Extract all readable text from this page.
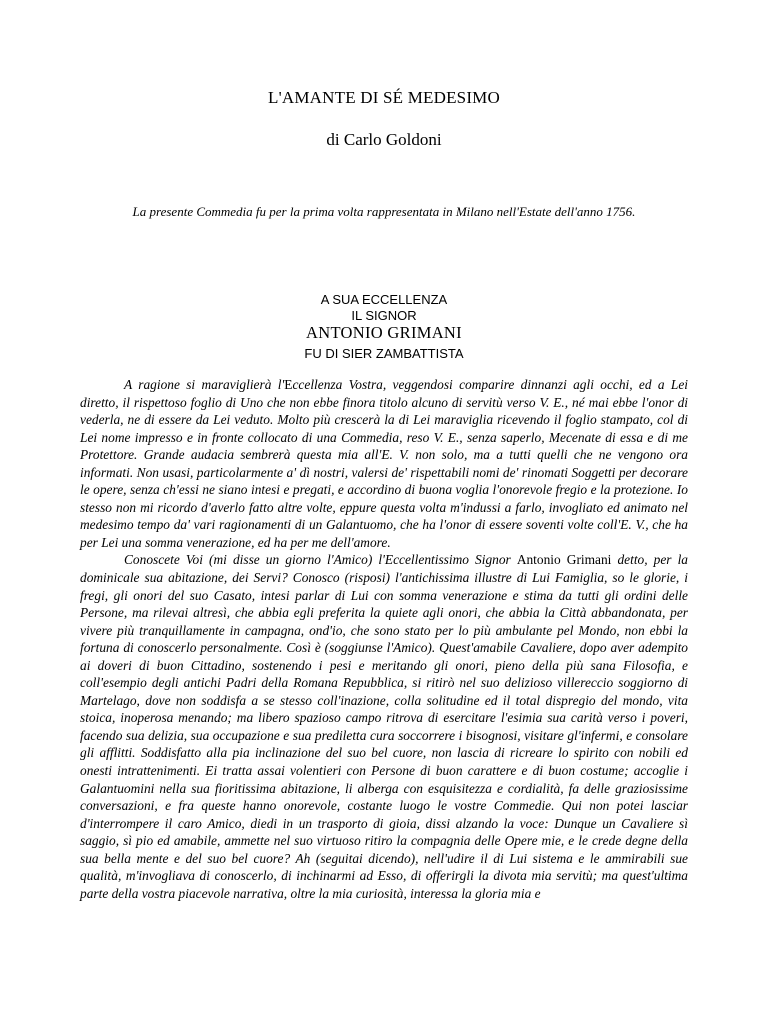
L'AMANTE DI SÉ MEDESIMO
di Carlo Goldoni
La presente Commedia fu per la prima volta rappresentata in Milano nell'Estate dell'anno 1756.
A SUA ECCELLENZA
IL SIGNOR
ANTONIO GRIMANI
FU DI SIER ZAMBATTISTA

A ragione si maraviglierà l'Eccellenza Vostra, veggendosi comparire dinnanzi agli occhi, ed a Lei diretto, il rispettoso foglio di Uno che non ebbe finora titolo alcuno di servitù verso V. E., né mai ebbe l'onor di vederla, ne di essere da Lei veduto. Molto più crescerà la di Lei maraviglia ricevendo il foglio stampato, col di Lei nome impresso e in fronte collocato di una Commedia, reso V. E., senza saperlo, Mecenate di essa e di me Protettore. Grande audacia sembrerà questa mia all'E. V. non solo, ma a tutti quelli che ne vengono ora informati. Non usasi, particolarmente a' dì nostri, valersi de' rispettabili nomi de' rinomati Soggetti per decorare le opere, senza ch'essi ne siano intesi e pregati, e accordino di buona voglia l'onorevole fregio e la protezione. Io stesso non mi ricordo d'averlo fatto altre volte, eppure questa volta m'indussi a farlo, invogliato ed animato nel medesimo tempo da' vari ragionamenti di un Galantuomo, che ha l'onor di essere soventi volte coll'E. V., che ha per Lei una somma venerazione, ed ha per me dell'amore.

Conoscete Voi (mi disse un giorno l'Amico) l'Eccellentissimo Signor Antonio Grimani detto, per la dominicale sua abitazione, dei Servi? Conosco (risposi) l'antichissima illustre di Lui Famiglia, so le glorie, i fregi, gli onori del suo Casato, intesi parlar di Lui con somma venerazione e stima da tutti gli ordini delle Persone, ma rilevai altresì, che abbia egli preferita la quiete agli onori, che abbia la Città abbandonata, per vivere più tranquillamente in campagna, ond'io, che sono stato per lo più ambulante pel Mondo, non ebbi la fortuna di conoscerlo personalmente. Così è (soggiunse l'Amico). Quest'amabile Cavaliere, dopo aver adempito ai doveri di buon Cittadino, sostenendo i pesi e meritando gli onori, pieno della più sana Filosofia, e coll'esempio degli antichi Padri della Romana Repubblica, si ritirò nel suo delizioso villereccio soggiorno di Martelago, dove non soddisfa a se stesso coll'inazione, colla solitudine ed il total dispregio del mondo, vita stoica, inoperosa menando; ma libero spazioso campo ritrova di esercitare l'esimia sua carità verso i poveri, facendo sua delizia, sua occupazione e sua prediletta cura soccorrere i bisognosi, visitare gl'infermi, e consolare gli afflitti. Soddisfatto alla pia inclinazione del suo bel cuore, non lascia di ricreare lo spirito con nobili ed onesti intrattenimenti. Ei tratta assai volentieri con Persone di buon carattere e di buon costume; accoglie i Galantuomini nella sua fioritissima abitazione, li alberga con esquisitezza e cordialità, fa delle graziosissime conversazioni, e fra queste hanno onorevole, costante luogo le vostre Commedie. Qui non potei lasciar d'interrompere il caro Amico, diedi in un trasporto di gioia, dissi alzando la voce: Dunque un Cavaliere sì saggio, sì pio ed amabile, ammette nel suo virtuoso ritiro la compagnia delle Opere mie, e le crede degne della sua bella mente e del suo bel cuore? Ah (seguitai dicendo), nell'udire il di Lui sistema e le ammirabili sue qualità, m'invogliava di conoscerlo, di inchinarmi ad Esso, di offerirgli la divota mia servitù; ma quest'ultima parte della vostra piacevole narrativa, oltre la mia curiosità, interessa la gloria mia e
